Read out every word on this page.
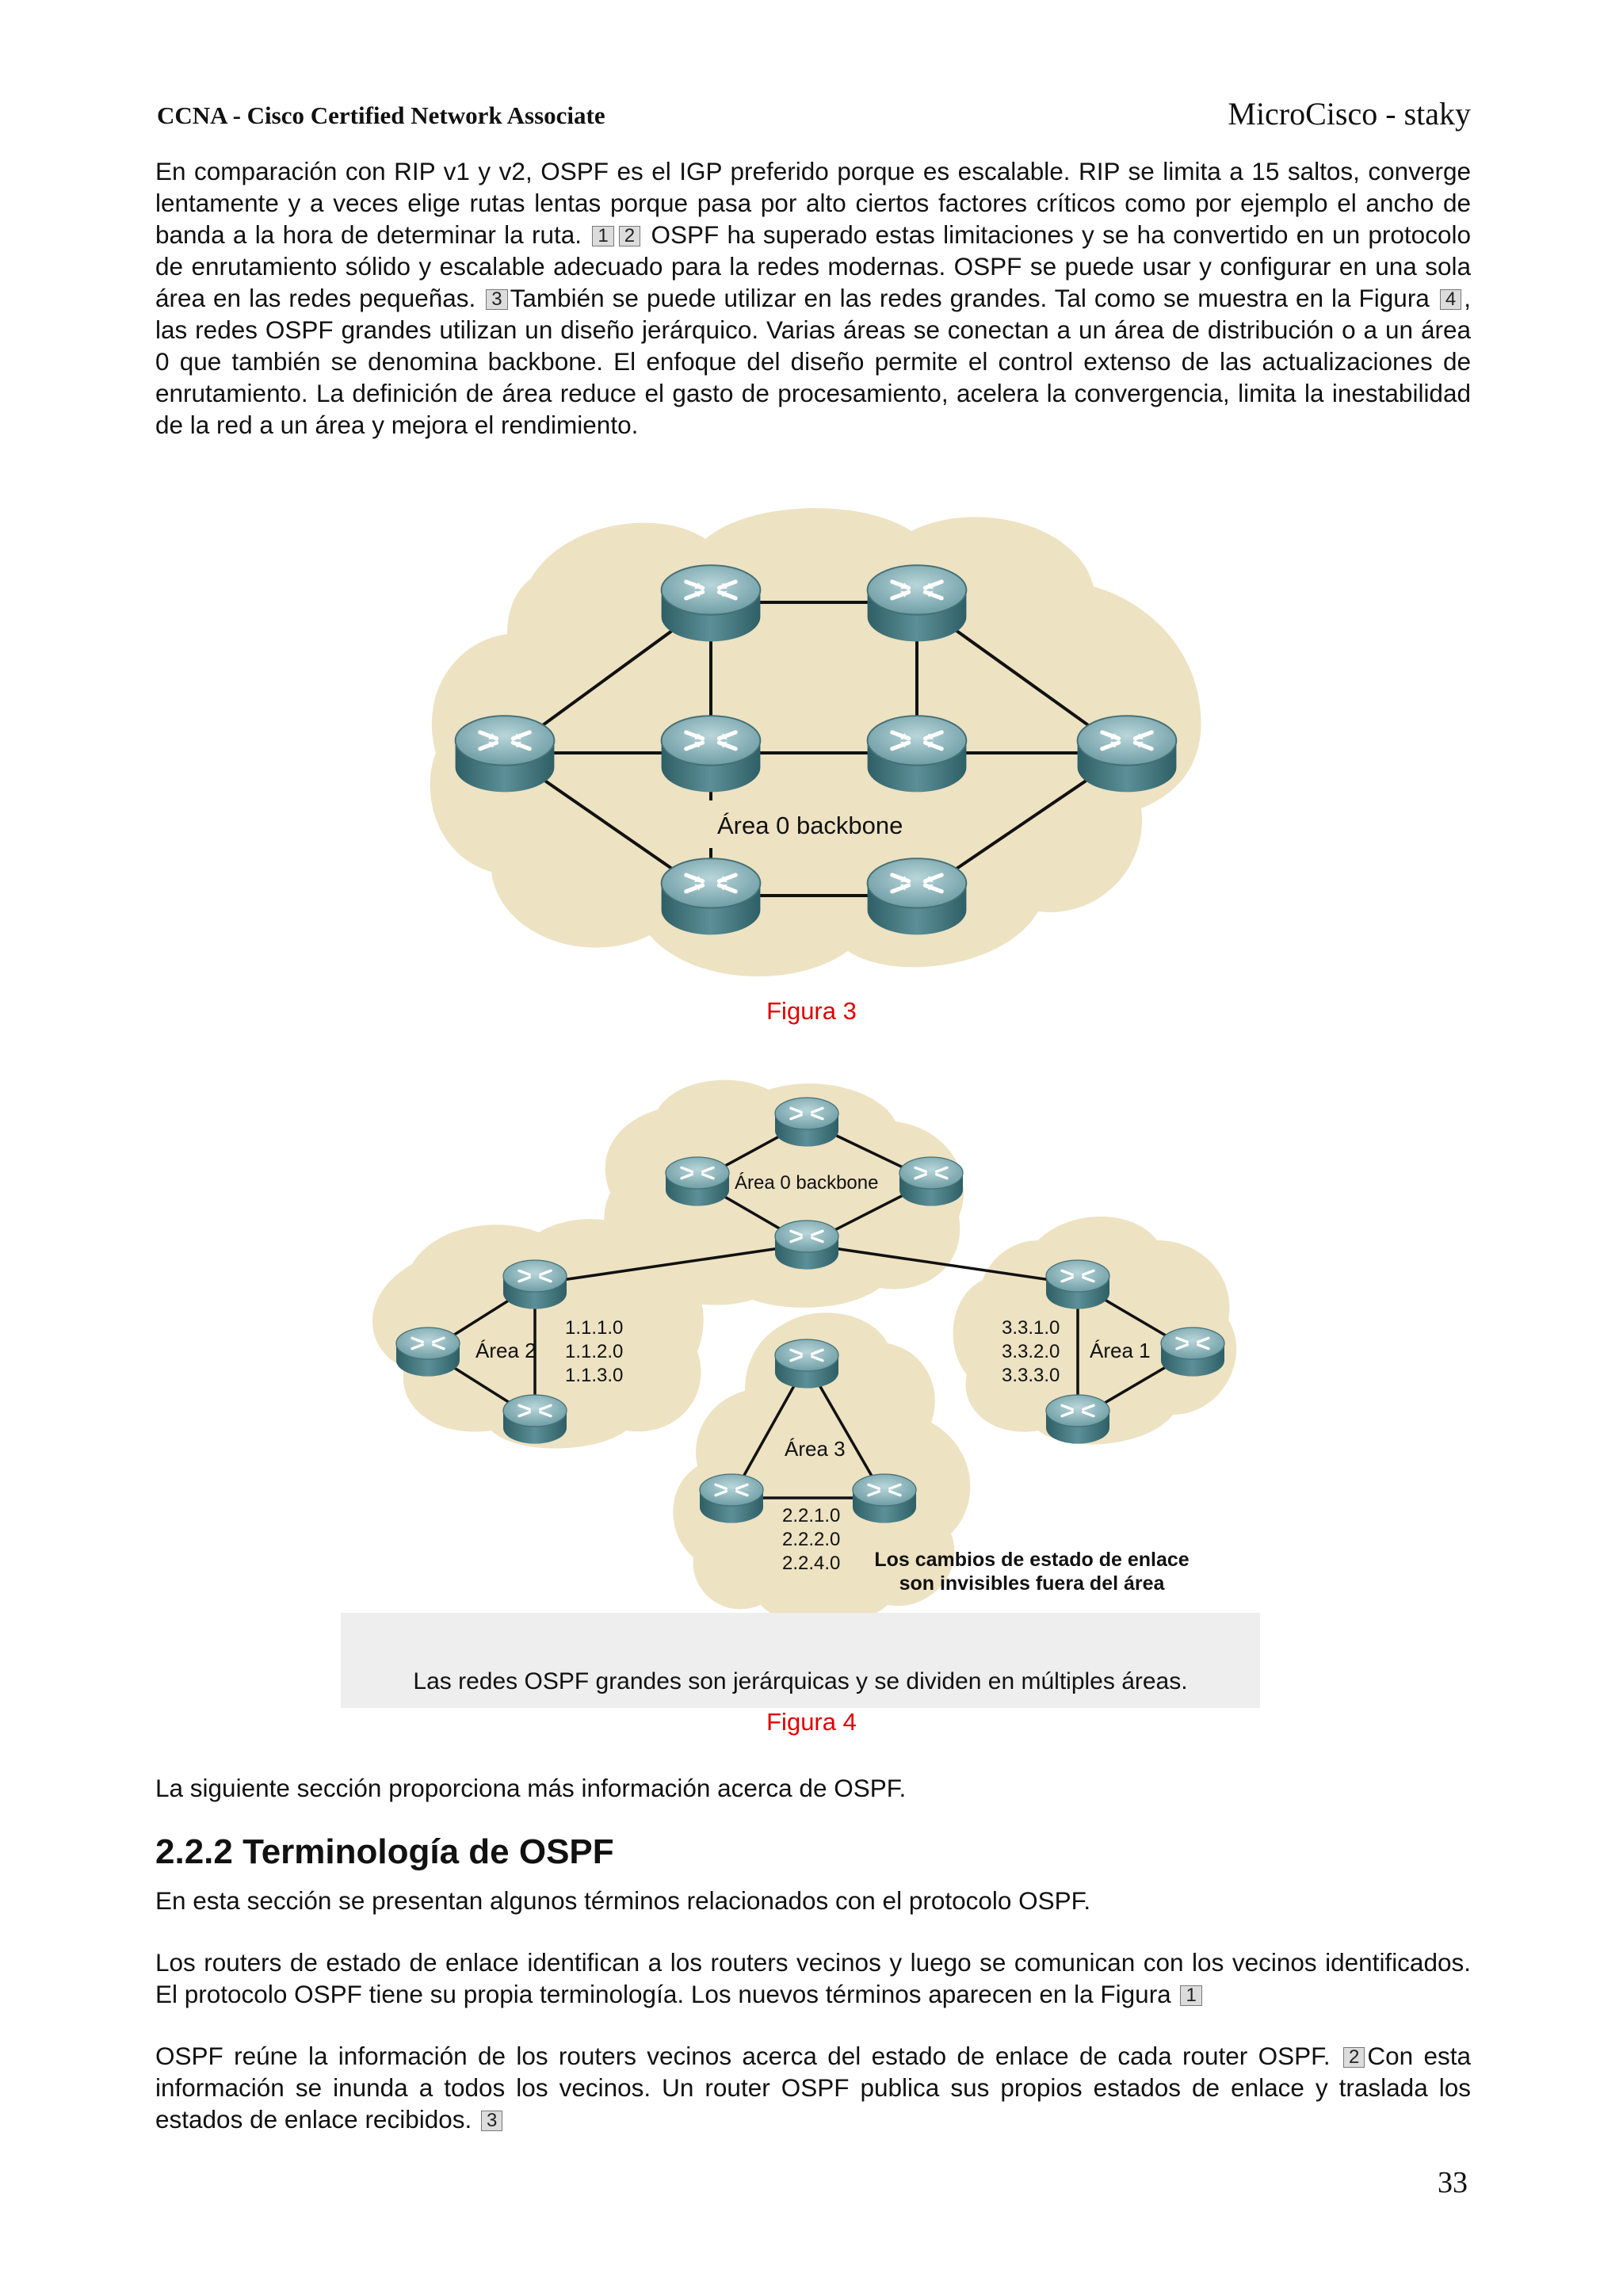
CCNA - Cisco Certified Network Associate	MicroCisco - staky

En comparación con RIP v1 y v2, OSPF es el IGP preferido porque es escalable. RIP se limita a 15 saltos, converge lentamente y a veces elige rutas lentas porque pasa por alto ciertos factores críticos como por ejemplo el ancho de banda a la hora de determinar la ruta. 1 2 OSPF ha superado estas limitaciones y se ha convertido en un protocolo de enrutamiento sólido y escalable adecuado para la redes modernas. OSPF se puede usar y configurar en una sola área en las redes pequeñas. 3 También se puede utilizar en las redes grandes. Tal como se muestra en la Figura 4 , las redes OSPF grandes utilizan un diseño jerárquico. Varias áreas se conectan a un área de distribución o a un área 0 que también se denomina backbone. El enfoque del diseño permite el control extenso de las actualizaciones de enrutamiento. La definición de área reduce el gasto de procesamiento, acelera la convergencia, limita la inestabilidad de la red a un área y mejora el rendimiento.

Área 0 backbone
Figura 3
Área 0 backbone
Área 2
1.1.1.0
1.1.2.0
1.1.3.0
3.3.1.0
3.3.2.0
3.3.3.0
Área 1
Área 3
2.2.1.0
2.2.2.0
2.2.4.0 Los cambios de estado de enlace
son invisibles fuera del área
Las redes OSPF grandes son jerárquicas y se dividen en múltiples áreas.
Figura 4

La siguiente sección proporciona más información acerca de OSPF.

2.2.2 Terminología de OSPF

En esta sección se presentan algunos términos relacionados con el protocolo OSPF.

Los routers de estado de enlace identifican a los routers vecinos y luego se comunican con los vecinos identificados. El protocolo OSPF tiene su propia terminología. Los nuevos términos aparecen en la Figura 1

OSPF reúne la información de los routers vecinos acerca del estado de enlace de cada router OSPF. 2 Con esta información se inunda a todos los vecinos. Un router OSPF publica sus propios estados de enlace y traslada los estados de enlace recibidos. 3

33
